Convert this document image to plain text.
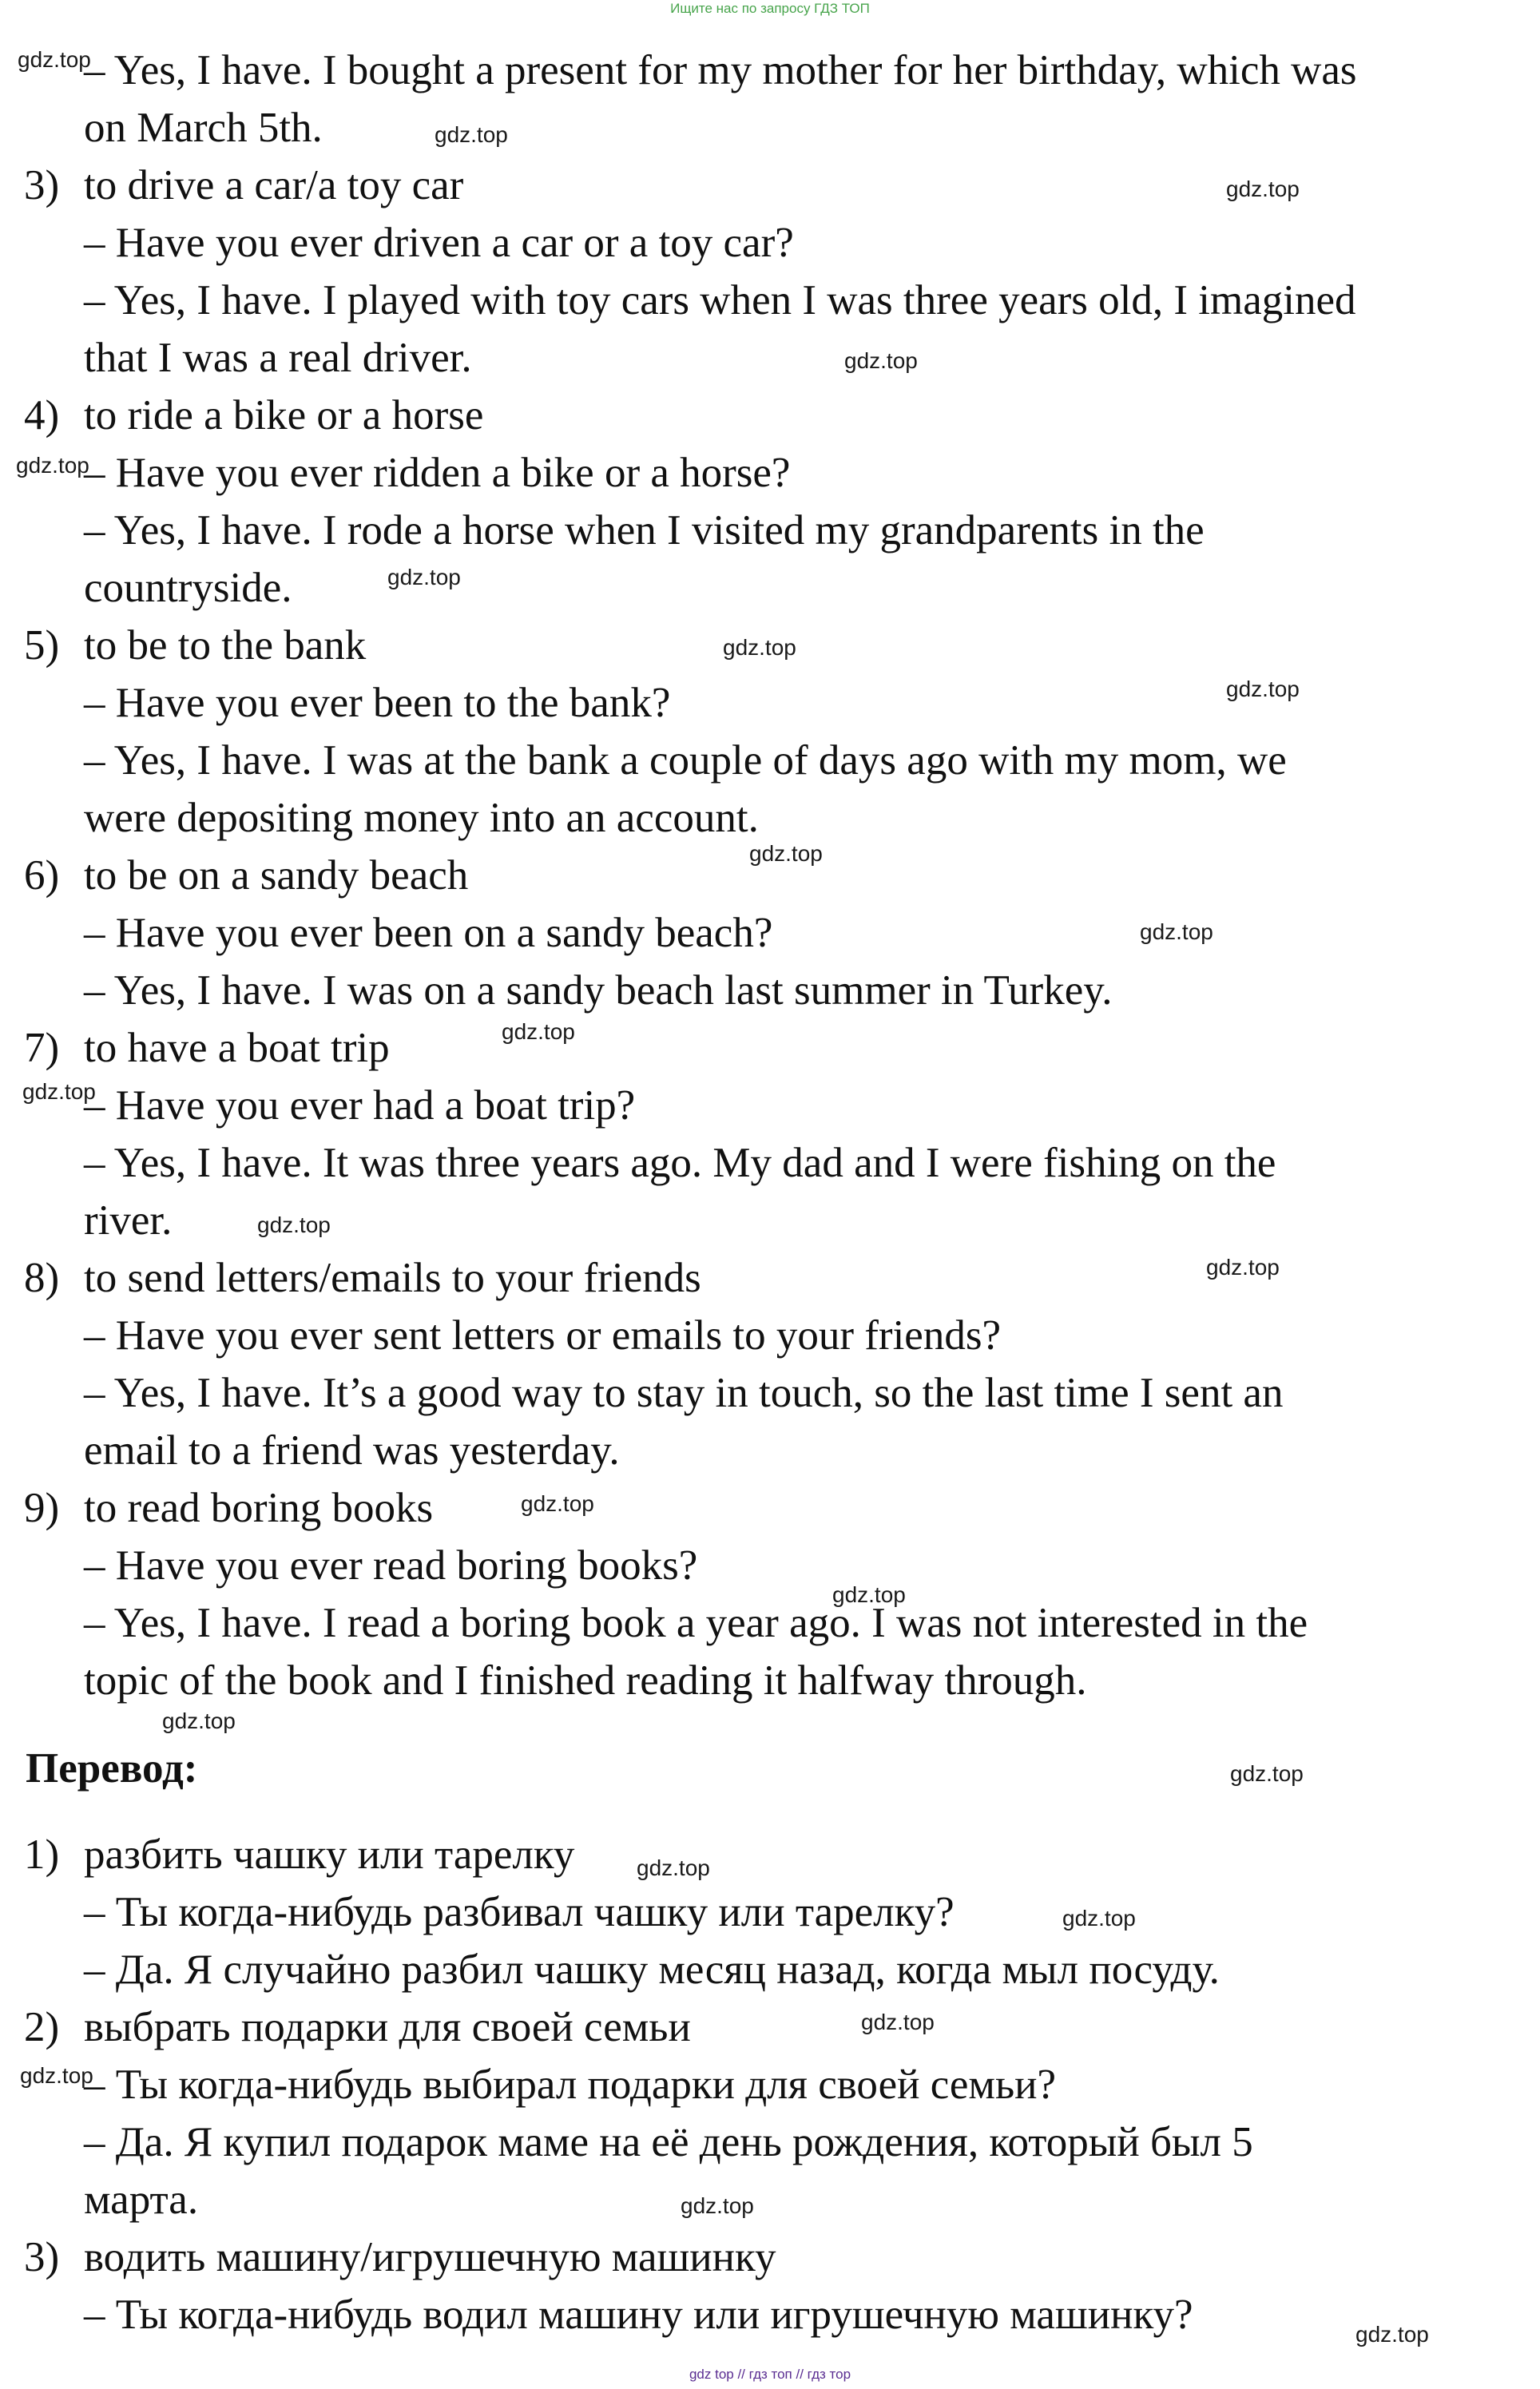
Ищите нас по запросу ГДЗ ТОП
– Yes, I have. I bought a present for my mother for her birthday, which was
on March 5th.
3) to drive a car/a toy car
– Have you ever driven a car or a toy car?
– Yes, I have. I played with toy cars when I was three years old, I imagined
that I was a real driver.
4) to ride a bike or a horse
– Have you ever ridden a bike or a horse?
– Yes, I have. I rode a horse when I visited my grandparents in the
countryside.
5) to be to the bank
– Have you ever been to the bank?
– Yes, I have. I was at the bank a couple of days ago with my mom, we
were depositing money into an account.
6) to be on a sandy beach
– Have you ever been on a sandy beach?
– Yes, I have. I was on a sandy beach last summer in Turkey.
7) to have a boat trip
– Have you ever had a boat trip?
– Yes, I have. It was three years ago. My dad and I were fishing on the
river.
8) to send letters/emails to your friends
– Have you ever sent letters or emails to your friends?
– Yes, I have. It’s a good way to stay in touch, so the last time I sent an
email to a friend was yesterday.
9) to read boring books
– Have you ever read boring books?
– Yes, I have. I read a boring book a year ago. I was not interested in the
topic of the book and I finished reading it halfway through.
Перевод:
1) разбить чашку или тарелку
– Ты когда-нибудь разбивал чашку или тарелку?
– Да. Я случайно разбил чашку месяц назад, когда мыл посуду.
2) выбрать подарки для своей семьи
– Ты когда-нибудь выбирал подарки для своей семьи?
– Да. Я купил подарок маме на её день рождения, который был 5
марта.
3) водить машину/игрушечную машинку
– Ты когда-нибудь водил машину или игрушечную машинку?
gdz.top
gdz.top
gdz.top
gdz.top
gdz.top
gdz.top
gdz.top
gdz.top
gdz.top
gdz.top
gdz.top
gdz.top
gdz.top
gdz.top
gdz.top
gdz.top
gdz.top
gdz.top
gdz.top
gdz.top
gdz.top
gdz.top
gdz.top
gdz.top
gdz top // гдз топ // гдз тор
